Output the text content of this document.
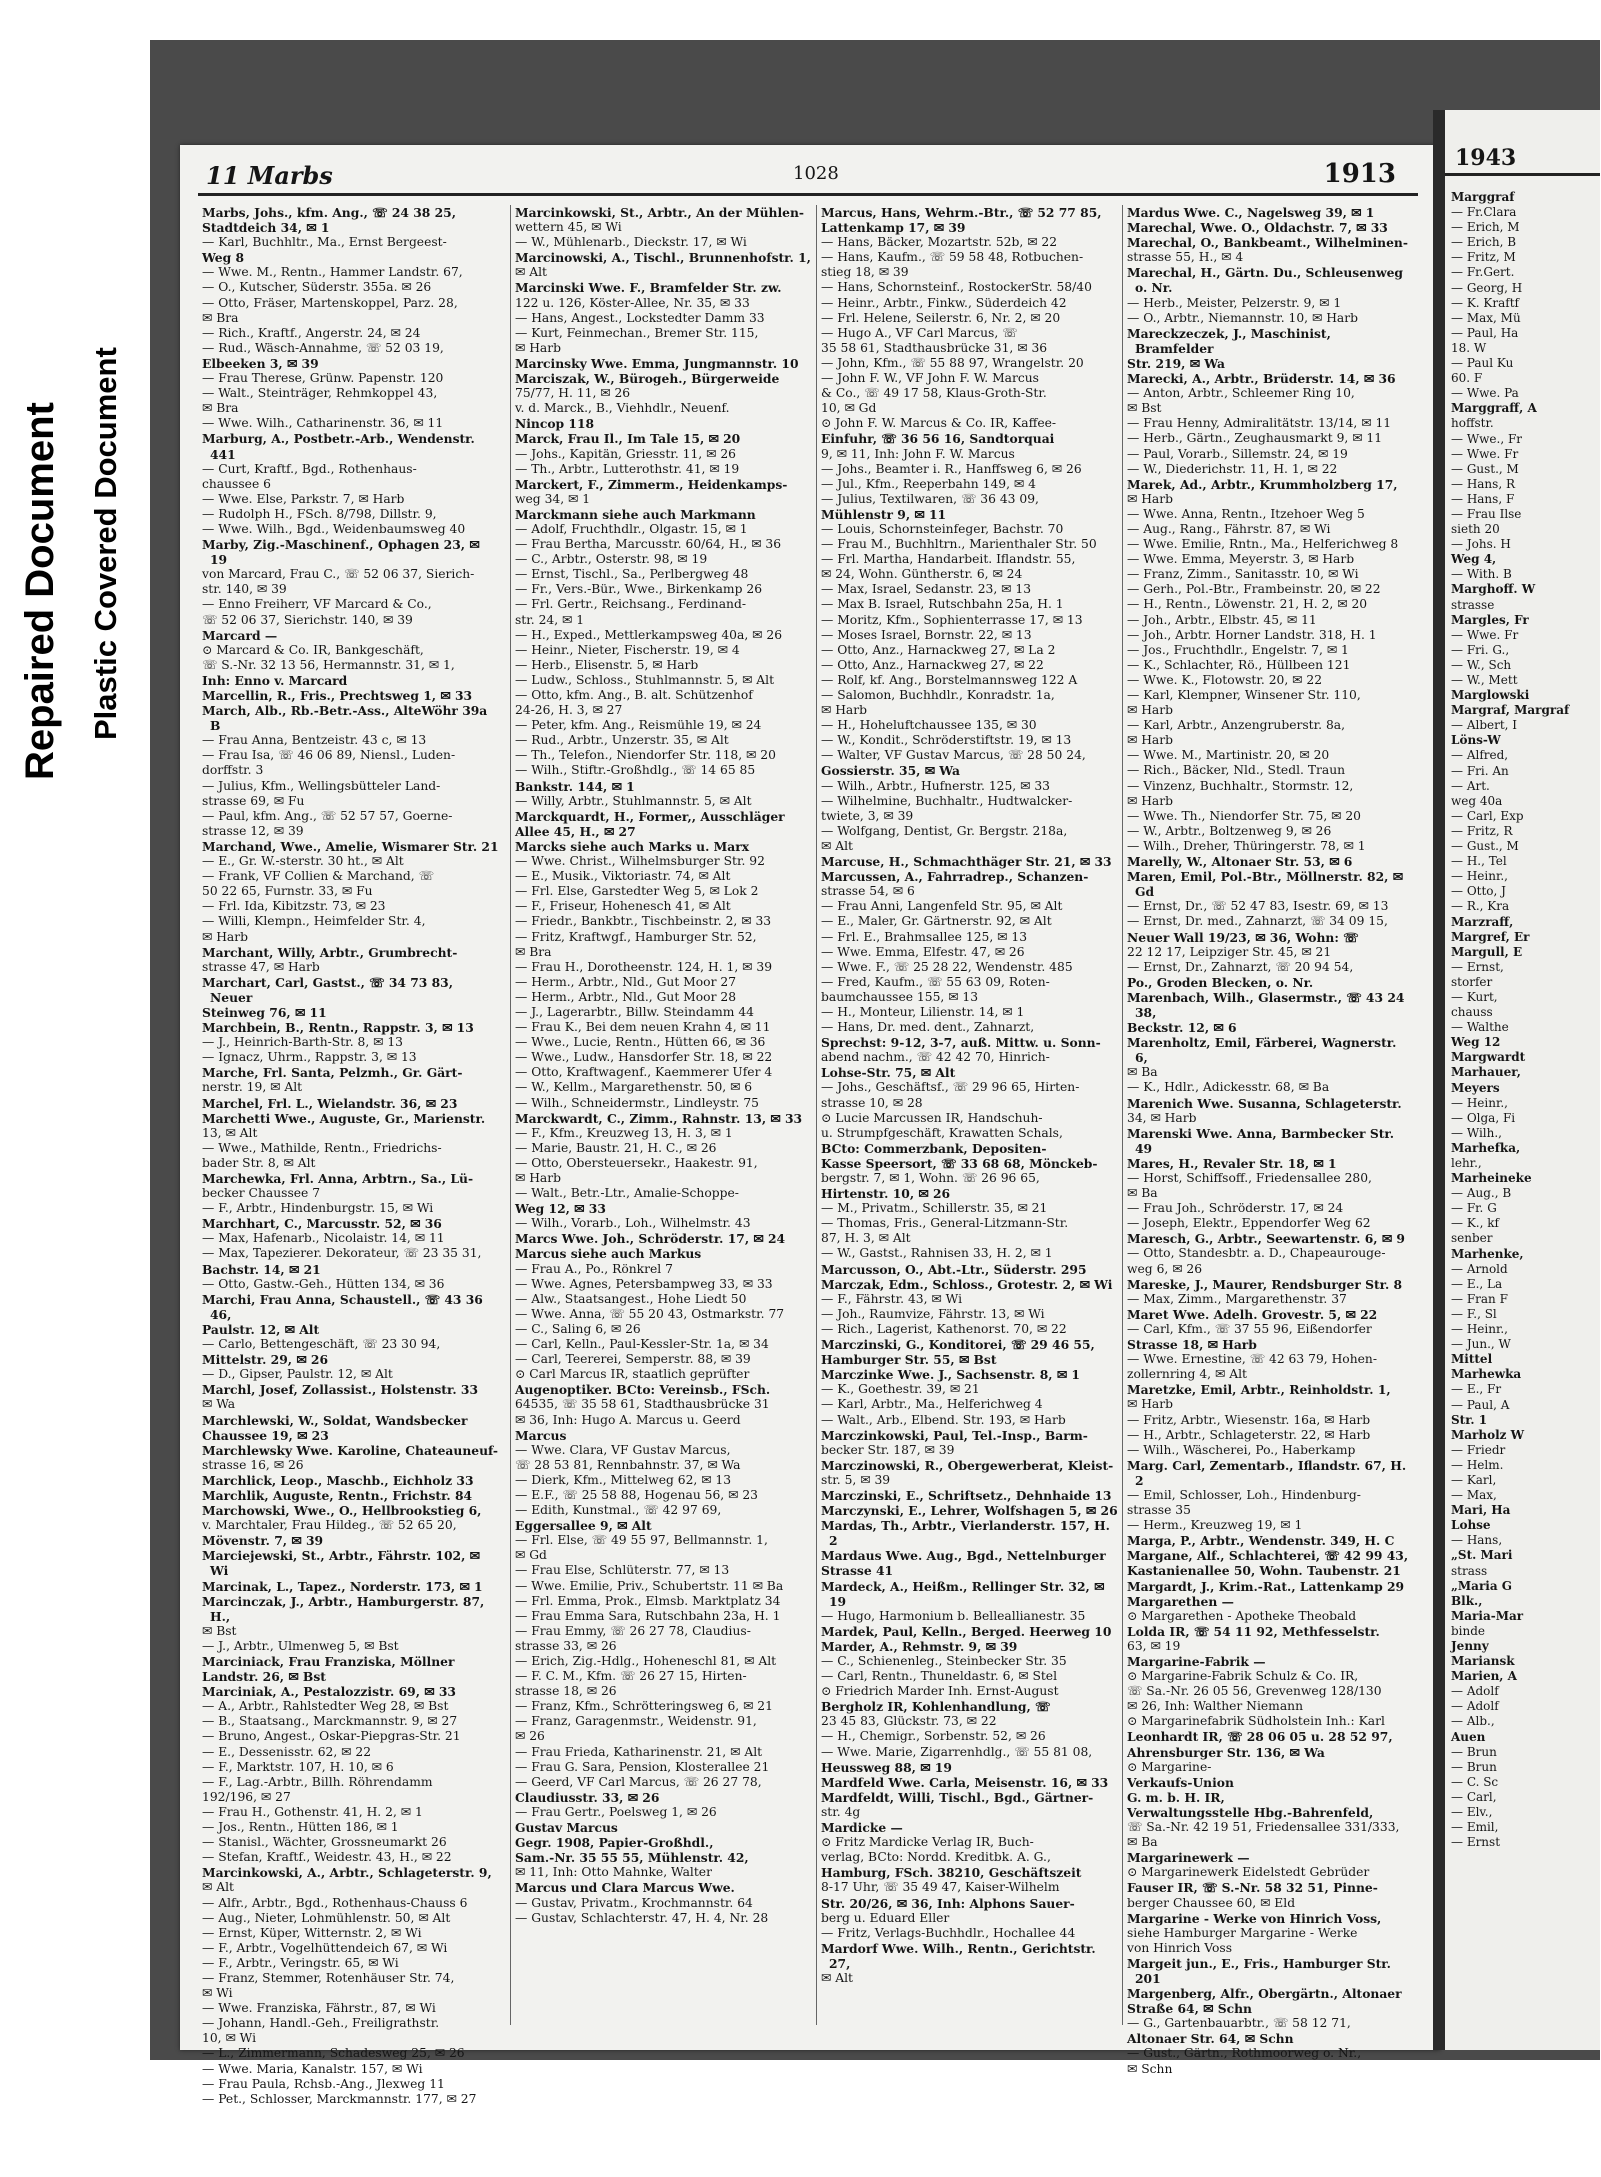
Repaired Document Plastic Covered Document
11 Marbs	1028	1913
Marbs, Johs., kfm. Ang., ☏ 24 38 25,
Stadtdeich 34, ✉ 1
— Karl, Buchhltr., Ma., Ernst Bergeest-
Weg 8
— Wwe. M., Rentn., Hammer Landstr. 67,
— O., Kutscher, Süderstr. 355a. ✉ 26
— Otto, Fräser, Martenskoppel, Parz. 28,
✉ Bra
— Rich., Kraftf., Angerstr. 24, ✉ 24
— Rud., Wäsch-Annahme, ☏ 52 03 19,
Elbeeken 3, ✉ 39
— Frau Therese, Grünw. Papenstr. 120
— Walt., Steinträger, Rehmkoppel 43,
✉ Bra
— Wwe. Wilh., Catharinenstr. 36, ✉ 11
Marburg, A., Postbetr.-Arb., Wendenstr. 441
— Curt, Kraftf., Bgd., Rothenhaus-
chaussee 6
— Wwe. Else, Parkstr. 7, ✉ Harb
— Rudolph H., FSch. 8/798, Dillstr. 9,
— Wwe. Wilh., Bgd., Weidenbaumsweg 40
Marby, Zig.-Maschinenf., Ophagen 23, ✉ 19
von Marcard, Frau C., ☏ 52 06 37, Sierich-
str. 140, ✉ 39
— Enno Freiherr, VF Marcard & Co.,
☏ 52 06 37, Sierichstr. 140, ✉ 39
Marcard —
⊙ Marcard & Co. IR, Bankgeschäft,
☏ S.-Nr. 32 13 56, Hermannstr. 31, ✉ 1,
Inh: Enno v. Marcard
Marcellin, R., Fris., Prechtsweg 1, ✉ 33
March, Alb., Rb.-Betr.-Ass., AlteWöhr 39a B
— Frau Anna, Bentzeistr. 43 c, ✉ 13
— Frau Isa, ☏ 46 06 89, Niensl., Luden-
dorffstr. 3
— Julius, Kfm., Wellingsbütteler Land-
strasse 69, ✉ Fu
— Paul, kfm. Ang., ☏ 52 57 57, Goerne-
strasse 12, ✉ 39
Marchand, Wwe., Amelie, Wismarer Str. 21
— E., Gr. W.-sterstr. 30 ht., ✉ Alt
— Frank, VF Collien & Marchand, ☏
50 22 65, Furnstr. 33, ✉ Fu
— Frl. Ida, Kibitzstr. 73, ✉ 23
— Willi, Klempn., Heimfelder Str. 4,
✉ Harb
Marchant, Willy, Arbtr., Grumbrecht-
strasse 47, ✉ Harb
Marchart, Carl, Gastst., ☏ 34 73 83, Neuer
Steinweg 76, ✉ 11
Marchbein, B., Rentn., Rappstr. 3, ✉ 13
— J., Heinrich-Barth-Str. 8, ✉ 13
— Ignacz, Uhrm., Rappstr. 3, ✉ 13
Marche, Frl. Santa, Pelzmh., Gr. Gärt-
nerstr. 19, ✉ Alt
Marchel, Frl. L., Wielandstr. 36, ✉ 23
Marchetti Wwe., Auguste, Gr., Marienstr.
13, ✉ Alt
— Wwe., Mathilde, Rentn., Friedrichs-
bader Str. 8, ✉ Alt
Marchewka, Frl. Anna, Arbtrn., Sa., Lü-
becker Chaussee 7
— F., Arbtr., Hindenburgstr. 15, ✉ Wi
Marchhart, C., Marcusstr. 52, ✉ 36
— Max, Hafenarb., Nicolaistr. 14, ✉ 11
— Max, Tapezierer. Dekorateur, ☏ 23 35 31,
Bachstr. 14, ✉ 21
— Otto, Gastw.-Geh., Hütten 134, ✉ 36
Marchi, Frau Anna, Schaustell., ☏ 43 36 46,
Paulstr. 12, ✉ Alt
— Carlo, Bettengeschäft, ☏ 23 30 94,
Mittelstr. 29, ✉ 26
— D., Gipser, Paulstr. 12, ✉ Alt
Marchl, Josef, Zollassist., Holstenstr. 33
✉ Wa
Marchlewski, W., Soldat, Wandsbecker
Chaussee 19, ✉ 23
Marchlewsky Wwe. Karoline, Chateauneuf-
strasse 16, ✉ 26
Marchlick, Leop., Maschb., Eichholz 33
Marchlik, Auguste, Rentn., Frichstr. 84
Marchowski, Wwe., O., Hellbrookstieg 6,
v. Marchtaler, Frau Hildeg., ☏ 52 65 20,
Mövenstr. 7, ✉ 39
Marciejewski, St., Arbtr., Fährstr. 102, ✉ Wi
Marcinak, L., Tapez., Norderstr. 173, ✉ 1
Marcinczak, J., Arbtr., Hamburgerstr. 87, H.,
✉ Bst
— J., Arbtr., Ulmenweg 5, ✉ Bst
Marciniack, Frau Franziska, Möllner
Landstr. 26, ✉ Bst
Marciniak, A., Pestalozzistr. 69, ✉ 33
— A., Arbtr., Rahlstedter Weg 28, ✉ Bst
— B., Staatsang., Marckmannstr. 9, ✉ 27
— Bruno, Angest., Oskar-Piepgras-Str. 21
— E., Dessenisstr. 62, ✉ 22
— F., Marktstr. 107, H. 10, ✉ 6
— F., Lag.-Arbtr., Billh. Röhrendamm
192/196, ✉ 27
— Frau H., Gothenstr. 41, H. 2, ✉ 1
— Jos., Rentn., Hütten 186, ✉ 1
— Stanisl., Wächter, Grossneumarkt 26
— Stefan, Kraftf., Weidestr. 43, H., ✉ 22
Marcinkowski, A., Arbtr., Schlageterstr. 9,
✉ Alt
— Alfr., Arbtr., Bgd., Rothenhaus-Chauss 6
— Aug., Nieter, Lohmühlenstr. 50, ✉ Alt
— Ernst, Küper, Witternstr. 2, ✉ Wi
— F., Arbtr., Vogelhüttendeich 67, ✉ Wi
— F., Arbtr., Veringstr. 65, ✉ Wi
— Franz, Stemmer, Rotenhäuser Str. 74,
✉ Wi
— Wwe. Franziska, Fährstr., 87, ✉ Wi
— Johann, Handl.-Geh., Freiligrathstr.
10, ✉ Wi
— L., Zimmermann, Schadesweg 25, ✉ 26
— Wwe. Maria, Kanalstr. 157, ✉ Wi
— Frau Paula, Rchsb.-Ang., Jlexweg 11
— Pet., Schlosser, Marckmannstr. 177, ✉ 27
Marcinkowski, St., Arbtr., An der Mühlen-
wettern 45, ✉ Wi
— W., Mühlenarb., Dieckstr. 17, ✉ Wi
Marcinowski, A., Tischl., Brunnenhofstr. 1,
✉ Alt
Marcinski Wwe. F., Bramfelder Str. zw.
122 u. 126, Köster-Allee, Nr. 35, ✉ 33
— Hans, Angest., Lockstedter Damm 33
— Kurt, Feinmechan., Bremer Str. 115,
✉ Harb
Marcinsky Wwe. Emma, Jungmannstr. 10
Marciszak, W., Bürogeh., Bürgerweide
75/77, H. 11, ✉ 26
v. d. Marck., B., Viehhdlr., Neuenf.
Nincop 118
Marck, Frau Il., Im Tale 15, ✉ 20
— Johs., Kapitän, Griesstr. 11, ✉ 26
— Th., Arbtr., Lutterothstr. 41, ✉ 19
Marckert, F., Zimmerm., Heidenkamps-
weg 34, ✉ 1
Marckmann siehe auch Markmann
— Adolf, Fruchthdlr., Olgastr. 15, ✉ 1
— Frau Bertha, Marcusstr. 60/64, H., ✉ 36
— C., Arbtr., Osterstr. 98, ✉ 19
— Ernst, Tischl., Sa., Perlbergweg 48
— Fr., Vers.-Bür., Wwe., Birkenkamp 26
— Frl. Gertr., Reichsang., Ferdinand-
str. 24, ✉ 1
— H., Exped., Mettlerkampsweg 40a, ✉ 26
— Heinr., Nieter, Fischerstr. 19, ✉ 4
— Herb., Elisenstr. 5, ✉ Harb
— Ludw., Schloss., Stuhlmannstr. 5, ✉ Alt
— Otto, kfm. Ang., B. alt. Schützenhof
24-26, H. 3, ✉ 27
— Peter, kfm. Ang., Reismühle 19, ✉ 24
— Rud., Arbtr., Unzerstr. 35, ✉ Alt
— Th., Telefon., Niendorfer Str. 118, ✉ 20
— Wilh., Stiftr.-Großhdlg., ☏ 14 65 85
Bankstr. 144, ✉ 1
— Willy, Arbtr., Stuhlmannstr. 5, ✉ Alt
Marckquardt, H., Former,, Ausschläger
Allee 45, H., ✉ 27
Marcks siehe auch Marks u. Marx
— Wwe. Christ., Wilhelmsburger Str. 92
— E., Musik., Viktoriastr. 74, ✉ Alt
— Frl. Else, Garstedter Weg 5, ✉ Lok 2
— F., Friseur, Hohenesch 41, ✉ Alt
— Friedr., Bankbtr., Tischbeinstr. 2, ✉ 33
— Fritz, Kraftwgf., Hamburger Str. 52,
✉ Bra
— Frau H., Dorotheenstr. 124, H. 1, ✉ 39
— Herm., Arbtr., Nld., Gut Moor 27
— Herm., Arbtr., Nld., Gut Moor 28
— J., Lagerarbtr., Billw. Steindamm 44
— Frau K., Bei dem neuen Krahn 4, ✉ 11
— Wwe., Lucie, Rentn., Hütten 66, ✉ 36
— Wwe., Ludw., Hansdorfer Str. 18, ✉ 22
— Otto, Kraftwagenf., Kaemmerer Ufer 4
— W., Kellm., Margarethenstr. 50, ✉ 6
— Wilh., Schneidermstr., Lindleystr. 75
Marckwardt, C., Zimm., Rahnstr. 13, ✉ 33
— F., Kfm., Kreuzweg 13, H. 3, ✉ 1
— Marie, Baustr. 21, H. C., ✉ 26
— Otto, Obersteuersekr., Haakestr. 91,
✉ Harb
— Walt., Betr.-Ltr., Amalie-Schoppe-
Weg 12, ✉ 33
— Wilh., Vorarb., Loh., Wilhelmstr. 43
Marcs Wwe. Joh., Schröderstr. 17, ✉ 24
Marcus siehe auch Markus
— Frau A., Po., Rönkrel 7
— Wwe. Agnes, Petersbampweg 33, ✉ 33
— Alw., Staatsangest., Hohe Liedt 50
— Wwe. Anna, ☏ 55 20 43, Ostmarkstr. 77
— C., Saling 6, ✉ 26
— Carl, Kelln., Paul-Kessler-Str. 1a, ✉ 34
— Carl, Teererei, Semperstr. 88, ✉ 39
⊙ Carl Marcus IR, staatlich geprüfter
Augenoptiker. BCto: Vereinsb., FSch.
64535, ☏ 35 58 61, Stadthausbrücke 31
✉ 36, Inh: Hugo A. Marcus u. Geerd
Marcus
— Wwe. Clara, VF Gustav Marcus,
☏ 28 53 81, Rennbahnstr. 37, ✉ Wa
— Dierk, Kfm., Mittelweg 62, ✉ 13
— E.F., ☏ 25 58 88, Hogenau 56, ✉ 23
— Edith, Kunstmal., ☏ 42 97 69,
Eggersallee 9, ✉ Alt
— Frl. Else, ☏ 49 55 97, Bellmannstr. 1,
✉ Gd
— Frau Else, Schlüterstr. 77, ✉ 13
— Wwe. Emilie, Priv., Schubertstr. 11 ✉ Ba
— Frl. Emma, Prok., Elmsb. Marktplatz 34
— Frau Emma Sara, Rutschbahn 23a, H. 1
— Frau Emmy, ☏ 26 27 78, Claudius-
strasse 33, ✉ 26
— Erich, Zig.-Hdlg., Hoheneschl 81, ✉ Alt
— F. C. M., Kfm. ☏ 26 27 15, Hirten-
strasse 18, ✉ 26
— Franz, Kfm., Schrötteringsweg 6, ✉ 21
— Franz, Garagenmstr., Weidenstr. 91,
✉ 26
— Frau Frieda, Katharinenstr. 21, ✉ Alt
— Frau G. Sara, Pension, Klosterallee 21
— Geerd, VF Carl Marcus, ☏ 26 27 78,
Claudiusstr. 33, ✉ 26
— Frau Gertr., Poelsweg 1, ✉ 26
Gustav Marcus
Gegr. 1908, Papier-Großhdl.,
Sam.-Nr. 35 55 55, Mühlenstr. 42,
✉ 11, Inh: Otto Mahnke, Walter
Marcus und Clara Marcus Wwe.
— Gustav, Privatm., Krochmannstr. 64
— Gustav, Schlachterstr. 47, H. 4, Nr. 28
Marcus, Hans, Wehrm.-Btr., ☏ 52 77 85,
Lattenkamp 17, ✉ 39
— Hans, Bäcker, Mozartstr. 52b, ✉ 22
— Hans, Kaufm., ☏ 59 58 48, Rotbuchen-
stieg 18, ✉ 39
— Hans, Schornsteinf., RostockerStr. 58/40
— Heinr., Arbtr., Finkw., Süderdeich 42
— Frl. Helene, Seilerstr. 6, Nr. 2, ✉ 20
— Hugo A., VF Carl Marcus, ☏
35 58 61, Stadthausbrücke 31, ✉ 36
— John, Kfm., ☏ 55 88 97, Wrangelstr. 20
— John F. W., VF John F. W. Marcus
& Co., ☏ 49 17 58, Klaus-Groth-Str.
10, ✉ Gd
⊙ John F. W. Marcus & Co. IR, Kaffee-
Einfuhr, ☏ 36 56 16, Sandtorquai
9, ✉ 11, Inh: John F. W. Marcus
— Johs., Beamter i. R., Hanffsweg 6, ✉ 26
— Jul., Kfm., Reeperbahn 149, ✉ 4
— Julius, Textilwaren, ☏ 36 43 09,
Mühlenstr 9, ✉ 11
— Louis, Schornsteinfeger, Bachstr. 70
— Frau M., Buchhltrn., Marienthaler Str. 50
— Frl. Martha, Handarbeit. Iflandstr. 55,
✉ 24, Wohn. Güntherstr. 6, ✉ 24
— Max, Israel, Sedanstr. 23, ✉ 13
— Max B. Israel, Rutschbahn 25a, H. 1
— Moritz, Kfm., Sophienterrasse 17, ✉ 13
— Moses Israel, Bornstr. 22, ✉ 13
— Otto, Anz., Harnackweg 27, ✉ La 2
— Otto, Anz., Harnackweg 27, ✉ 22
— Rolf, kf. Ang., Borstelmannsweg 122 A
— Salomon, Buchhdlr., Konradstr. 1a,
✉ Harb
— H., Hoheluftchaussee 135, ✉ 30
— W., Kondit., Schröderstiftstr. 19, ✉ 13
— Walter, VF Gustav Marcus, ☏ 28 50 24,
Gossierstr. 35, ✉ Wa
— Wilh., Arbtr., Hufnerstr. 125, ✉ 33
— Wilhelmine, Buchhaltr., Hudtwalcker-
twiete, 3, ✉ 39
— Wolfgang, Dentist, Gr. Bergstr. 218a,
✉ Alt
Marcuse, H., Schmachthäger Str. 21, ✉ 33
Marcussen, A., Fahrradrep., Schanzen-
strasse 54, ✉ 6
— Frau Anni, Langenfeld Str. 95, ✉ Alt
— E., Maler, Gr. Gärtnerstr. 92, ✉ Alt
— Frl. E., Brahmsallee 125, ✉ 13
— Wwe. Emma, Elfestr. 47, ✉ 26
— Wwe. F., ☏ 25 28 22, Wendenstr. 485
— Fred, Kaufm., ☏ 55 63 09, Roten-
baumchaussee 155, ✉ 13
— H., Monteur, Lilienstr. 14, ✉ 1
— Hans, Dr. med. dent., Zahnarzt,
Sprechst: 9-12, 3-7, auß. Mittw. u. Sonn-
abend nachm., ☏ 42 42 70, Hinrich-
Lohse-Str. 75, ✉ Alt
— Johs., Geschäftsf., ☏ 29 96 65, Hirten-
strasse 10, ✉ 28
⊙ Lucie Marcussen IR, Handschuh-
u. Strumpfgeschäft, Krawatten Schals,
BCto: Commerzbank, Depositen-
Kasse Speersort, ☏ 33 68 68, Mönckeb-
bergstr. 7, ✉ 1, Wohn. ☏ 26 96 65,
Hirtenstr. 10, ✉ 26
— M., Privatm., Schillerstr. 35, ✉ 21
— Thomas, Fris., General-Litzmann-Str.
87, H. 3, ✉ Alt
— W., Gastst., Rahnisen 33, H. 2, ✉ 1
Marcusson, O., Abt.-Ltr., Süderstr. 295
Marczak, Edm., Schloss., Grotestr. 2, ✉ Wi
— F., Fährstr. 43, ✉ Wi
— Joh., Raumvize, Fährstr. 13, ✉ Wi
— Rich., Lagerist, Kathenorst. 70, ✉ 22
Marczinski, G., Konditorei, ☏ 29 46 55,
Hamburger Str. 55, ✉ Bst
Marczinke Wwe. J., Sachsenstr. 8, ✉ 1
— K., Goethestr. 39, ✉ 21
— Karl, Arbtr., Ma., Helferichweg 4
— Walt., Arb., Elbend. Str. 193, ✉ Harb
Marczinkowski, Paul, Tel.-Insp., Barm-
becker Str. 187, ✉ 39
Marczinowski, R., Obergewerberat, Kleist-
str. 5, ✉ 39
Marczinski, E., Schriftsetz., Dehnhaide 13
Marczynski, E., Lehrer, Wolfshagen 5, ✉ 26
Mardas, Th., Arbtr., Vierlanderstr. 157, H. 2
Mardaus Wwe. Aug., Bgd., Nettelnburger
Strasse 41
Mardeck, A., Heißm., Rellinger Str. 32, ✉ 19
— Hugo, Harmonium b. Belleallianestr. 35
Mardek, Paul, Kelln., Berged. Heerweg 10
Marder, A., Rehmstr. 9, ✉ 39
— C., Schienenleg., Steinbecker Str. 35
— Carl, Rentn., Thuneldastr. 6, ✉ Stel
⊙ Friedrich Marder Inh. Ernst-August
Bergholz IR, Kohlenhandlung, ☏
23 45 83, Glückstr. 73, ✉ 22
— H., Chemigr., Sorbenstr. 52, ✉ 26
— Wwe. Marie, Zigarrenhdlg., ☏ 55 81 08,
Heussweg 88, ✉ 19
Mardfeld Wwe. Carla, Meisenstr. 16, ✉ 33
Mardfeldt, Willi, Tischl., Bgd., Gärtner-
str. 4g
Mardicke —
⊙ Fritz Mardicke Verlag IR, Buch-
verlag, BCto: Nordd. Kreditbk. A. G.,
Hamburg, FSch. 38210, Geschäftszeit
8-17 Uhr, ☏ 35 49 47, Kaiser-Wilhelm
Str. 20/26, ✉ 36, Inh: Alphons Sauer-
berg u. Eduard Eller
— Fritz, Verlags-Buchhdlr., Hochallee 44
Mardorf Wwe. Wilh., Rentn., Gerichtstr. 27,
✉ Alt
Mardus Wwe. C., Nagelsweg 39, ✉ 1
Marechal, Wwe. O., Oldachstr. 7, ✉ 33
Marechal, O., Bankbeamt., Wilhelminen-
strasse 55, H., ✉ 4
Marechal, H., Gärtn. Du., Schleusenweg o. Nr.
— Herb., Meister, Pelzerstr. 9, ✉ 1
— O., Arbtr., Niemannstr. 10, ✉ Harb
Mareckzeczek, J., Maschinist, Bramfelder
Str. 219, ✉ Wa
Marecki, A., Arbtr., Brüderstr. 14, ✉ 36
— Anton, Arbtr., Schleemer Ring 10,
✉ Bst
— Frau Henny, Admiralitätstr. 13/14, ✉ 11
— Herb., Gärtn., Zeughausmarkt 9, ✉ 11
— Paul, Vorarb., Sillemstr. 24, ✉ 19
— W., Diederichstr. 11, H. 1, ✉ 22
Marek, Ad., Arbtr., Krummholzberg 17,
✉ Harb
— Wwe. Anna, Rentn., Itzehoer Weg 5
— Aug., Rang., Fährstr. 87, ✉ Wi
— Wwe. Emilie, Rntn., Ma., Helferichweg 8
— Wwe. Emma, Meyerstr. 3, ✉ Harb
— Franz, Zimm., Sanitasstr. 10, ✉ Wi
— Gerh., Pol.-Btr., Frambeinstr. 20, ✉ 22
— H., Rentn., Löwenstr. 21, H. 2, ✉ 20
— Joh., Arbtr., Elbstr. 45, ✉ 11
— Joh., Arbtr. Horner Landstr. 318, H. 1
— Jos., Fruchthdlr., Engelstr. 7, ✉ 1
— K., Schlachter, Rö., Hüllbeen 121
— Wwe. K., Flotowstr. 20, ✉ 22
— Karl, Klempner, Winsener Str. 110,
✉ Harb
— Karl, Arbtr., Anzengruberstr. 8a,
✉ Harb
— Wwe. M., Martinistr. 20, ✉ 20
— Rich., Bäcker, Nld., Stedl. Traun
— Vinzenz, Buchhaltr., Stormstr. 12,
✉ Harb
— Wwe. Th., Niendorfer Str. 75, ✉ 20
— W., Arbtr., Boltzenweg 9, ✉ 26
— Wilh., Dreher, Thüringerstr. 78, ✉ 1
Marelly, W., Altonaer Str. 53, ✉ 6
Maren, Emil, Pol.-Btr., Möllnerstr. 82, ✉ Gd
— Ernst, Dr., ☏ 52 47 83, Isestr. 69, ✉ 13
— Ernst, Dr. med., Zahnarzt, ☏ 34 09 15,
Neuer Wall 19/23, ✉ 36, Wohn: ☏
22 12 17, Leipziger Str. 45, ✉ 21
— Ernst, Dr., Zahnarzt, ☏ 20 94 54,
Po., Groden Blecken, o. Nr.
Marenbach, Wilh., Glasermstr., ☏ 43 24 38,
Beckstr. 12, ✉ 6
Marenholtz, Emil, Färberei, Wagnerstr. 6,
✉ Ba
— K., Hdlr., Adickesstr. 68, ✉ Ba
Marenich Wwe. Susanna, Schlageterstr.
34, ✉ Harb
Marenski Wwe. Anna, Barmbecker Str. 49
Mares, H., Revaler Str. 18, ✉ 1
— Horst, Schiffsoff., Friedensallee 280,
✉ Ba
— Frau Joh., Schröderstr. 17, ✉ 24
— Joseph, Elektr., Eppendorfer Weg 62
Maresch, G., Arbtr., Seewartenstr. 6, ✉ 9
— Otto, Standesbtr. a. D., Chapeaurouge-
weg 6, ✉ 26
Mareske, J., Maurer, Rendsburger Str. 8
— Max, Zimm., Margarethenstr. 37
Maret Wwe. Adelh. Grovestr. 5, ✉ 22
— Carl, Kfm., ☏ 37 55 96, Eißendorfer
Strasse 18, ✉ Harb
— Wwe. Ernestine, ☏ 42 63 79, Hohen-
zollernring 4, ✉ Alt
Maretzke, Emil, Arbtr., Reinholdstr. 1,
✉ Harb
— Fritz, Arbtr., Wiesenstr. 16a, ✉ Harb
— H., Arbtr., Schlageterstr. 22, ✉ Harb
— Wilh., Wäscherei, Po., Haberkamp
Marg. Carl, Zementarb., Iflandstr. 67, H. 2
— Emil, Schlosser, Loh., Hindenburg-
strasse 35
— Herm., Kreuzweg 19, ✉ 1
Marga, P., Arbtr., Wendenstr. 349, H. C
Margane, Alf., Schlachterei, ☏ 42 99 43,
Kastanienallee 50, Wohn. Taubenstr. 21
Margardt, J., Krim.-Rat., Lattenkamp 29
Margarethen —
⊙ Margarethen - Apotheke Theobald
Lolda IR, ☏ 54 11 92, Methfesselstr.
63, ✉ 19
Margarine-Fabrik —
⊙ Margarine-Fabrik Schulz & Co. IR,
☏ Sa.-Nr. 26 05 56, Grevenweg 128/130
✉ 26, Inh: Walther Niemann
⊙ Margarinefabrik Südholstein Inh.: Karl
Leonhardt IR, ☏ 28 06 05 u. 28 52 97,
Ahrensburger Str. 136, ✉ Wa
⊙ Margarine-
Verkaufs-Union
G. m. b. H. IR,
Verwaltungsstelle Hbg.-Bahrenfeld,
☏ Sa.-Nr. 42 19 51, Friedensallee 331/333,
✉ Ba
Margarinewerk —
⊙ Margarinewerk Eidelstedt Gebrüder
Fauser IR, ☏ S.-Nr. 58 32 51, Pinne-
berger Chaussee 60, ✉ Eld
Margarine - Werke von Hinrich Voss,
siehe Hamburger Margarine - Werke
von Hinrich Voss
Margeit jun., E., Fris., Hamburger Str. 201
Margenberg, Alfr., Obergärtn., Altonaer
Straße 64, ✉ Schn
— G., Gartenbauarbtr., ☏ 58 12 71,
Altonaer Str. 64, ✉ Schn
— Gust., Gärtn., Rothmoorweg o. Nr.,
✉ Schn
1943
Marggraf
— Fr.Clara
— Erich, M
— Erich, B
— Fritz, M
— Fr.Gert.
— Georg, H
— K. Kraftf
— Max, Mü
— Paul, Ha
18. W
— Paul Ku
60. F
— Wwe. Pa
Marggraff, A
hoffstr.
— Wwe., Fr
— Wwe. Fr
— Gust., M
— Hans, R
— Hans, F
— Frau Ilse
sieth 20
— Johs. H
Weg 4,
— With. B
Marghoff. W
strasse
Margles, Fr
— Wwe. Fr
— Fri. G.,
— W., Sch
— W., Mett
Marglowski
Margraf, Margraf
— Albert, I
Löns-W
— Alfred,
— Fri. An
— Art.
weg 40a
— Carl, Exp
— Fritz, R
— Gust., M
— H., Tel
— Heinr.,
— Otto, J
— R., Kra
Marzraff,
Margref, Er
Margull, E
— Ernst,
storfer
— Kurt,
chauss
— Walthe
Weg 12
Margwardt
Marhauer,
Meyers
— Heinr.,
— Olga, Fi
— Wilh.,
Marhefka,
lehr.,
Marheineke
— Aug., B
— Fr. G
— K., kf
senber
Marhenke,
— Arnold
— E., La
— Fran F
— F., Sl
— Heinr.,
— Jun., W
Mittel
Marhewka
— E., Fr
— Paul, A
Str. 1
Marholz W
— Friedr
— Helm.
— Karl,
— Max,
Mari, Ha
Lohse
— Hans,
„St. Mari
strass
„Maria G
Blk.,
Maria-Mar
binde
Jenny
Mariansk
Marien, A
— Adolf
— Adolf
— Alb.,
Auen
— Brun
— Brun
— C. Sc
— Carl,
— Elv.,
— Emil,
— Ernst
